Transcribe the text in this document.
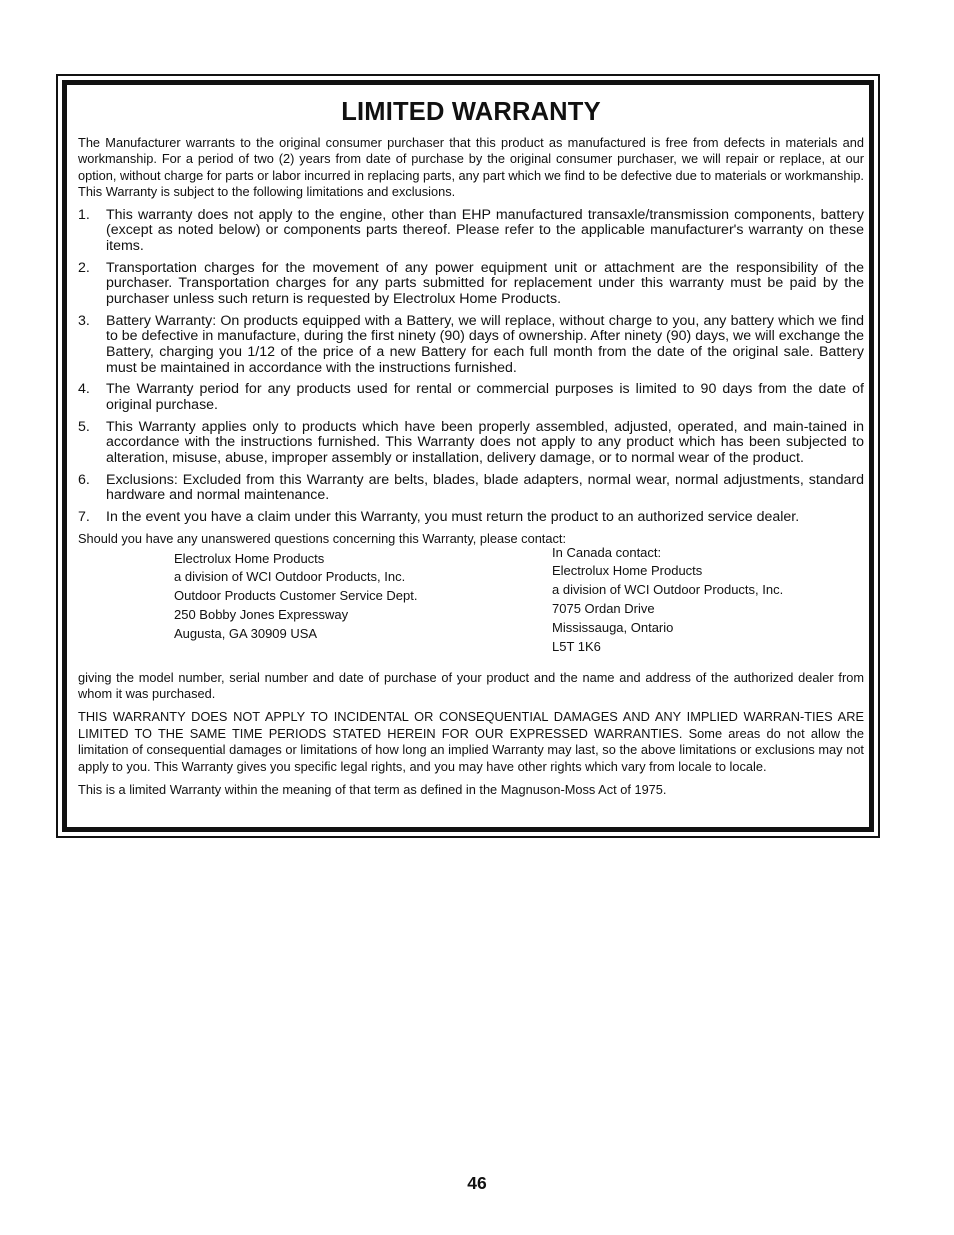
LIMITED WARRANTY

The Manufacturer warrants to the original consumer purchaser that this product as manufactured is free from defects in materials and workmanship. For a period of two (2) years from date of purchase by the original consumer purchaser, we will repair or replace, at our option, without charge for parts or labor incurred in replacing parts, any part which we find to be defective due to materials or workmanship. This Warranty is subject to the following limitations and exclusions.

1. This warranty does not apply to the engine, other than EHP manufactured transaxle/transmission components, battery (except as noted below) or components parts thereof. Please refer to the applicable manufacturer's warranty on these items.
2. Transportation charges for the movement of any power equipment unit or attachment are the responsibility of the purchaser. Transportation charges for any parts submitted for replacement under this warranty must be paid by the purchaser unless such return is requested by Electrolux Home Products.
3. Battery Warranty: On products equipped with a Battery, we will replace, without charge to you, any battery which we find to be defective in manufacture, during the first ninety (90) days of ownership. After ninety (90) days, we will exchange the Battery, charging you 1/12 of the price of a new Battery for each full month from the date of the original sale. Battery must be maintained in accordance with the instructions furnished.
4. The Warranty period for any products used for rental or commercial purposes is limited to 90 days from the date of original purchase.
5. This Warranty applies only to products which have been properly assembled, adjusted, operated, and main-tained in accordance with the instructions furnished. This Warranty does not apply to any product which has been subjected to alteration, misuse, abuse, improper assembly or installation, delivery damage, or to normal wear of the product.
6. Exclusions: Excluded from this Warranty are belts, blades, blade adapters, normal wear, normal adjustments, standard hardware and normal maintenance.
7. In the event you have a claim under this Warranty, you must return the product to an authorized service dealer.

Should you have any unanswered questions concerning this Warranty, please contact:

Electrolux Home Products
a division of WCI Outdoor Products, Inc.
Outdoor Products Customer Service Dept.
250 Bobby Jones Expressway
Augusta, GA 30909 USA
In Canada contact:
Electrolux Home Products
a division of WCI Outdoor Products, Inc.
7075 Ordan Drive
Mississauga, Ontario
L5T 1K6

giving the model number, serial number and date of purchase of your product and the name and address of the authorized dealer from whom it was purchased.

THIS WARRANTY DOES NOT APPLY TO INCIDENTAL OR CONSEQUENTIAL DAMAGES AND ANY IMPLIED WARRAN-TIES ARE LIMITED TO THE SAME TIME PERIODS STATED HEREIN FOR OUR EXPRESSED WARRANTIES. Some areas do not allow the limitation of consequential damages or limitations of how long an implied Warranty may last, so the above limitations or exclusions may not apply to you. This Warranty gives you specific legal rights, and you may have other rights which vary from locale to locale.

This is a limited Warranty within the meaning of that term as defined in the Magnuson-Moss Act of 1975.

46
